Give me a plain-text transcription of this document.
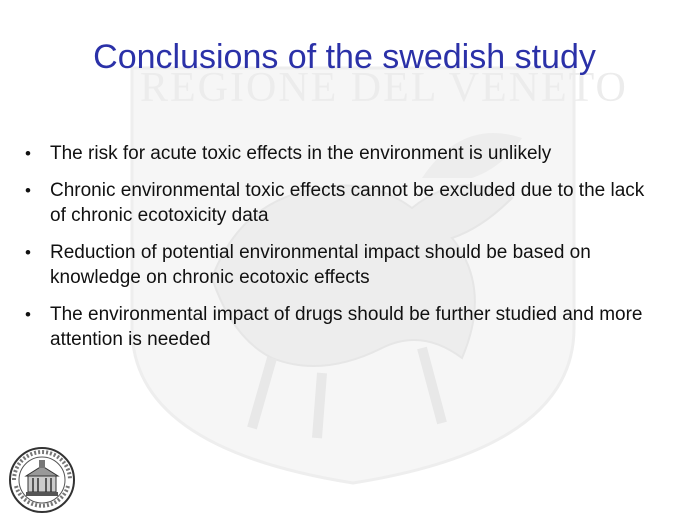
REGIONE DEL VENETO
Conclusions of the swedish study
• The risk for acute toxic effects in the environment is unlikely
• Chronic environmental toxic effects cannot be excluded due to the lack of chronic ecotoxicity data
• Reduction of potential environmental impact should be based on knowledge on chronic ecotoxic effects
• The environmental impact of drugs should be further studied and more attention is needed
